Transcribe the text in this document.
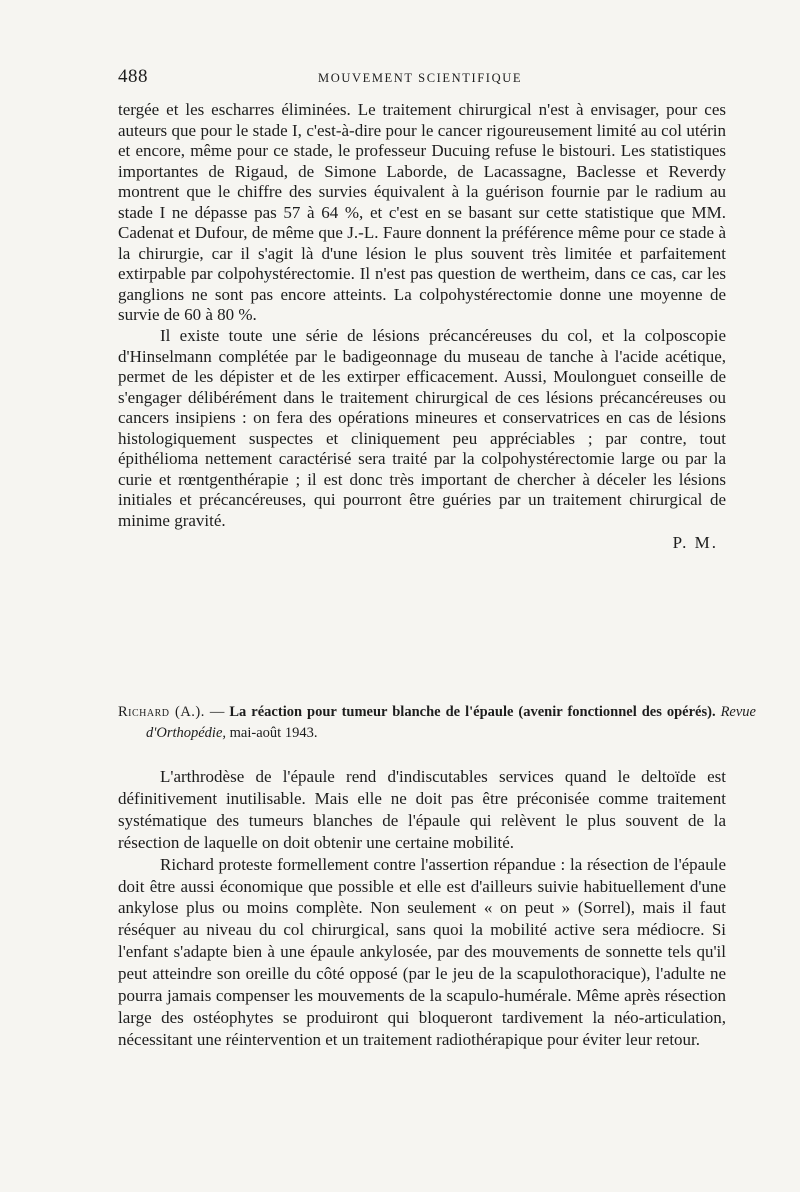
488	MOUVEMENT SCIENTIFIQUE

tergée et les escharres éliminées. Le traitement chirurgical n'est à envisager, pour ces auteurs que pour le stade I, c'est-à-dire pour le cancer rigoureusement limité au col utérin et encore, même pour ce stade, le professeur Ducuing refuse le bistouri. Les statistiques importantes de Rigaud, de Simone Laborde, de Lacassagne, Baclesse et Reverdy montrent que le chiffre des survies équivalent à la guérison fournie par le radium au stade I ne dépasse pas 57 à 64 %, et c'est en se basant sur cette statistique que MM. Cadenat et Dufour, de même que J.-L. Faure donnent la préférence même pour ce stade à la chirurgie, car il s'agit là d'une lésion le plus souvent très limitée et parfaitement extirpable par colpohystérectomie. Il n'est pas question de wertheim, dans ce cas, car les ganglions ne sont pas encore atteints. La colpohystérectomie donne une moyenne de survie de 60 à 80 %.

Il existe toute une série de lésions précancéreuses du col, et la colposcopie d'Hinselmann complétée par le badigeonnage du museau de tanche à l'acide acétique, permet de les dépister et de les extirper efficacement. Aussi, Moulonguet conseille de s'engager délibérément dans le traitement chirurgical de ces lésions précancéreuses ou cancers insipiens : on fera des opérations mineures et conservatrices en cas de lésions histologiquement suspectes et cliniquement peu appréciables ; par contre, tout épithélioma nettement caractérisé sera traité par la colpohystérectomie large ou par la curie et rœntgenthérapie ; il est donc très important de chercher à déceler les lésions initiales et précancéreuses, qui pourront être guéries par un traitement chirurgical de minime gravité.

P. M.
Richard (A.). — La réaction pour tumeur blanche de l'épaule (avenir fonctionnel des opérés). Revue d'Orthopédie, mai-août 1943.

L'arthrodèse de l'épaule rend d'indiscutables services quand le deltoïde est définitivement inutilisable. Mais elle ne doit pas être préconisée comme traitement systématique des tumeurs blanches de l'épaule qui relèvent le plus souvent de la résection de laquelle on doit obtenir une certaine mobilité.

Richard proteste formellement contre l'assertion répandue : la résection de l'épaule doit être aussi économique que possible et elle est d'ailleurs suivie habituellement d'une ankylose plus ou moins complète. Non seulement « on peut » (Sorrel), mais il faut réséquer au niveau du col chirurgical, sans quoi la mobilité active sera médiocre. Si l'enfant s'adapte bien à une épaule ankylosée, par des mouvements de sonnette tels qu'il peut atteindre son oreille du côté opposé (par le jeu de la scapulothoracique), l'adulte ne pourra jamais compenser les mouvements de la scapulo-humérale. Même après résection large des ostéophytes se produiront qui bloqueront tardivement la néo-articulation, nécessitant une réintervention et un traitement radiothérapique pour éviter leur retour.
